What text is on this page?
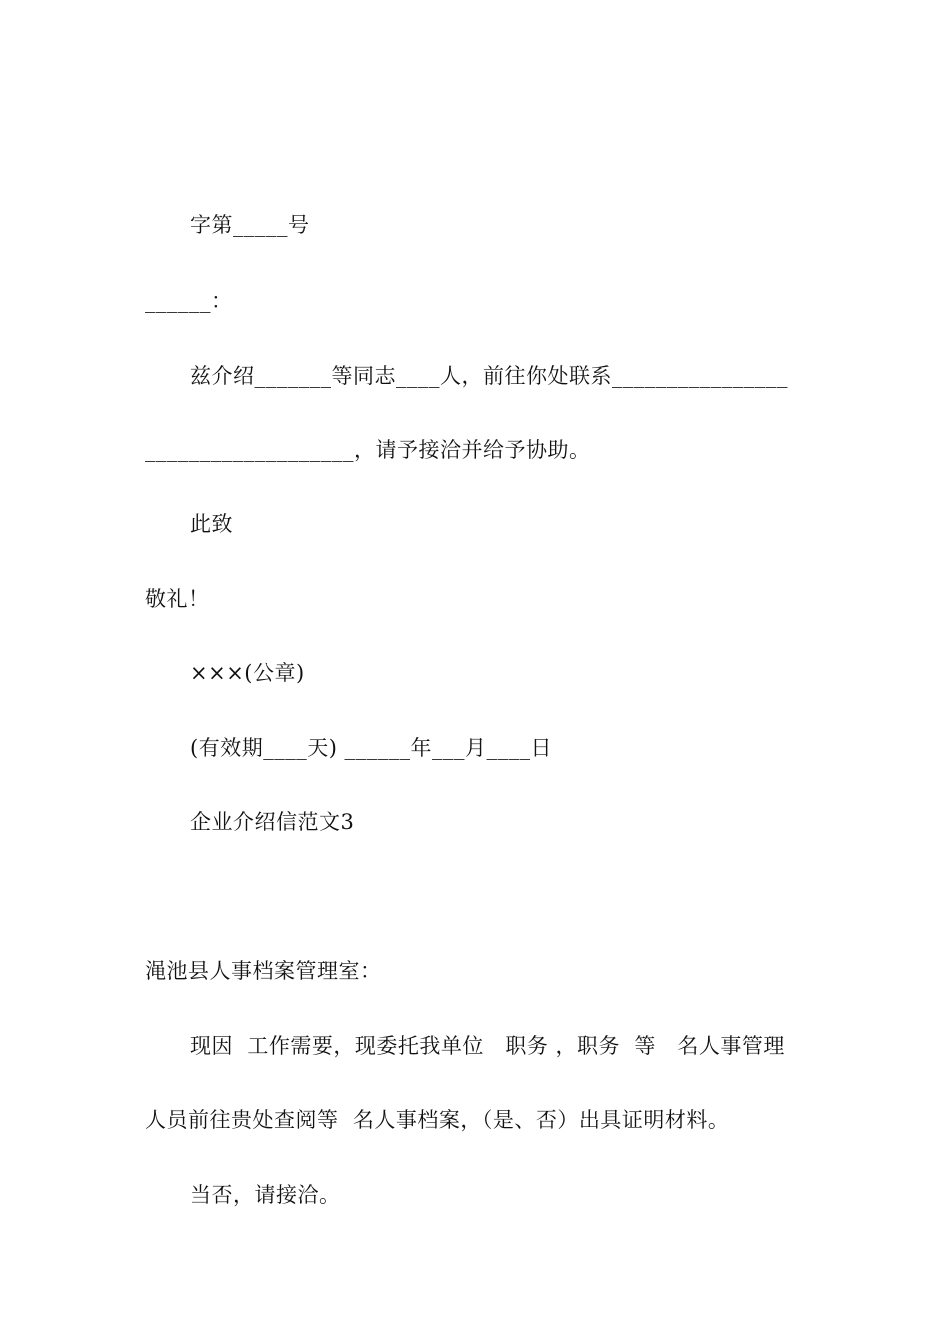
字第_____号
______：
兹介绍_______等同志____人，前往你处联系________________
___________________，请予接洽并给予协助。
此致
敬礼！
×××(公章)
(有效期____天) ______年___月____日
企业介绍信范文3
渑池县人事档案管理室：
现因  工作需要，现委托我单位   职务 ，职务  等   名人事管理
人员前往贵处查阅等  名人事档案，（是、否）出具证明材料。
当否，请接洽。
